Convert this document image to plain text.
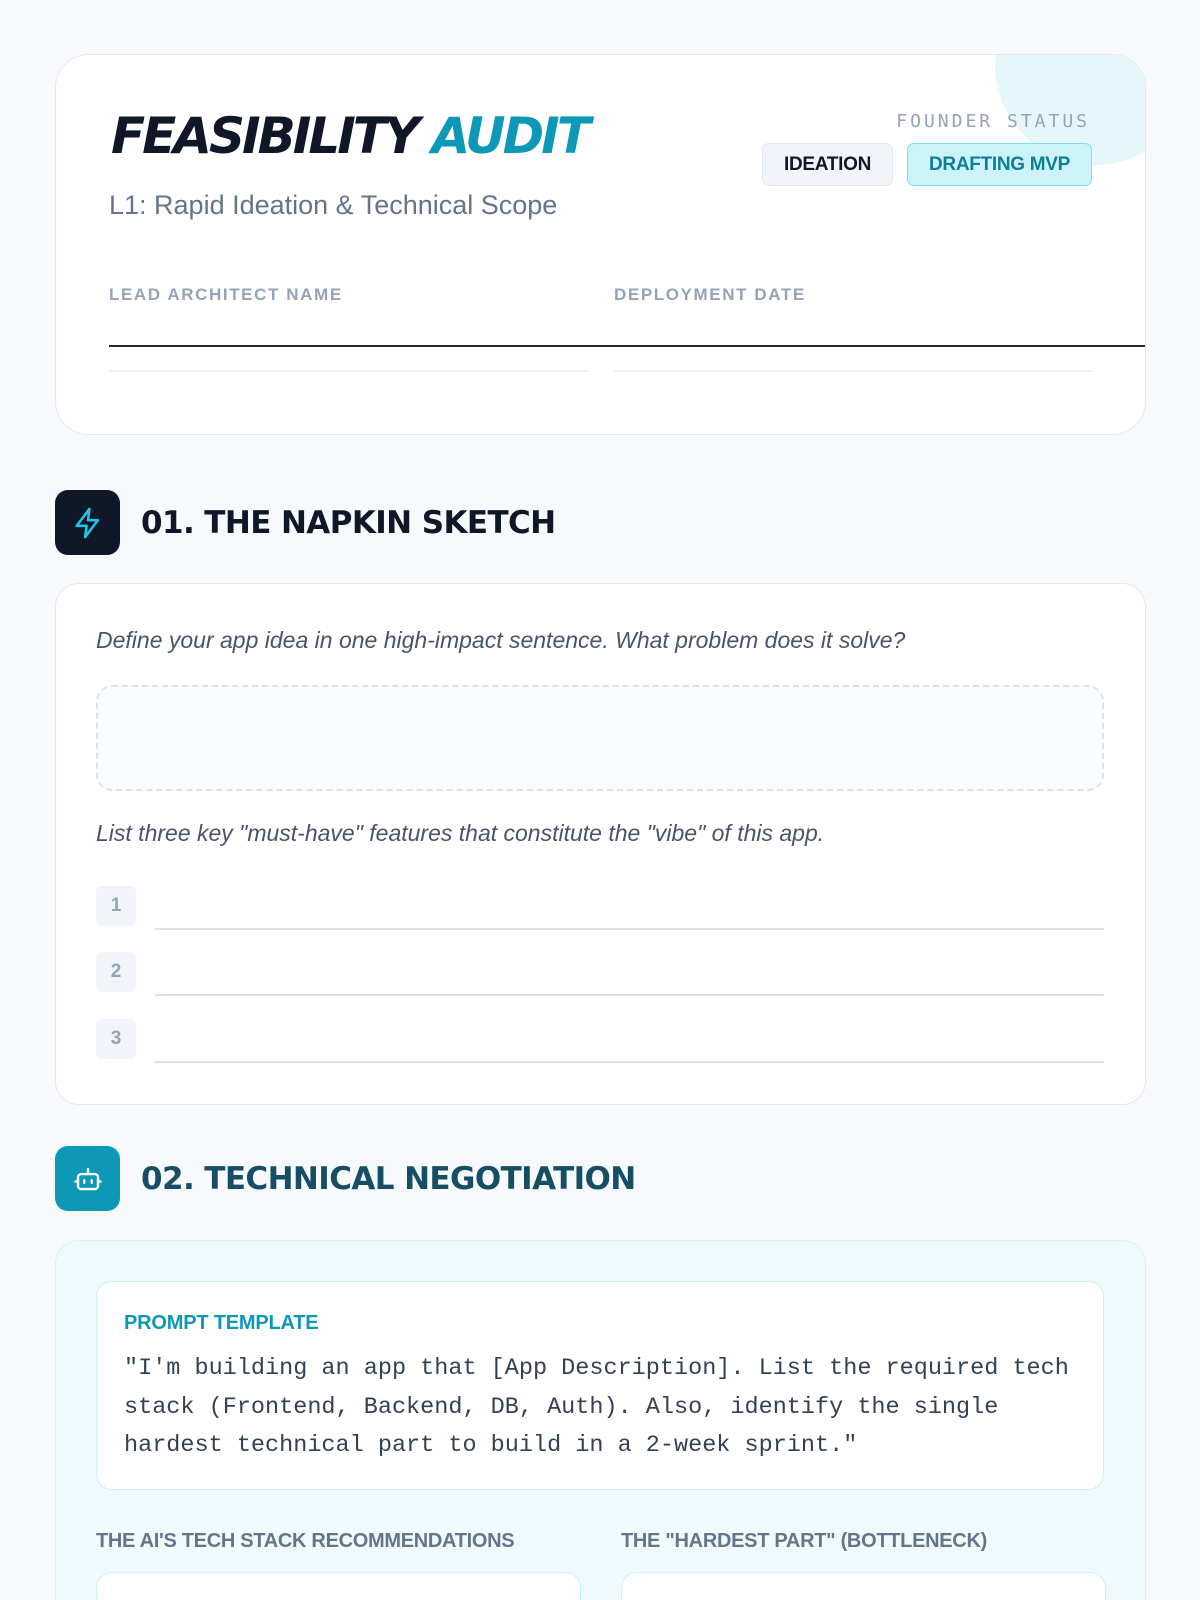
FEASIBILITY AUDIT
L1: Rapid Ideation & Technical Scope
FOUNDER STATUS
IDEATION	DRAFTING MVP
LEAD ARCHITECT NAME	DEPLOYMENT DATE
01. THE NAPKIN SKETCH
Define your app idea in one high-impact sentence. What problem does it solve?
List three key "must-have" features that constitute the "vibe" of this app.
1
2
3
02. TECHNICAL NEGOTIATION
PROMPT TEMPLATE
"I'm building an app that [App Description]. List the required tech stack (Frontend, Backend, DB, Auth). Also, identify the single hardest technical part to build in a 2-week sprint."
THE AI'S TECH STACK RECOMMENDATIONS	THE "HARDEST PART" (BOTTLENECK)
